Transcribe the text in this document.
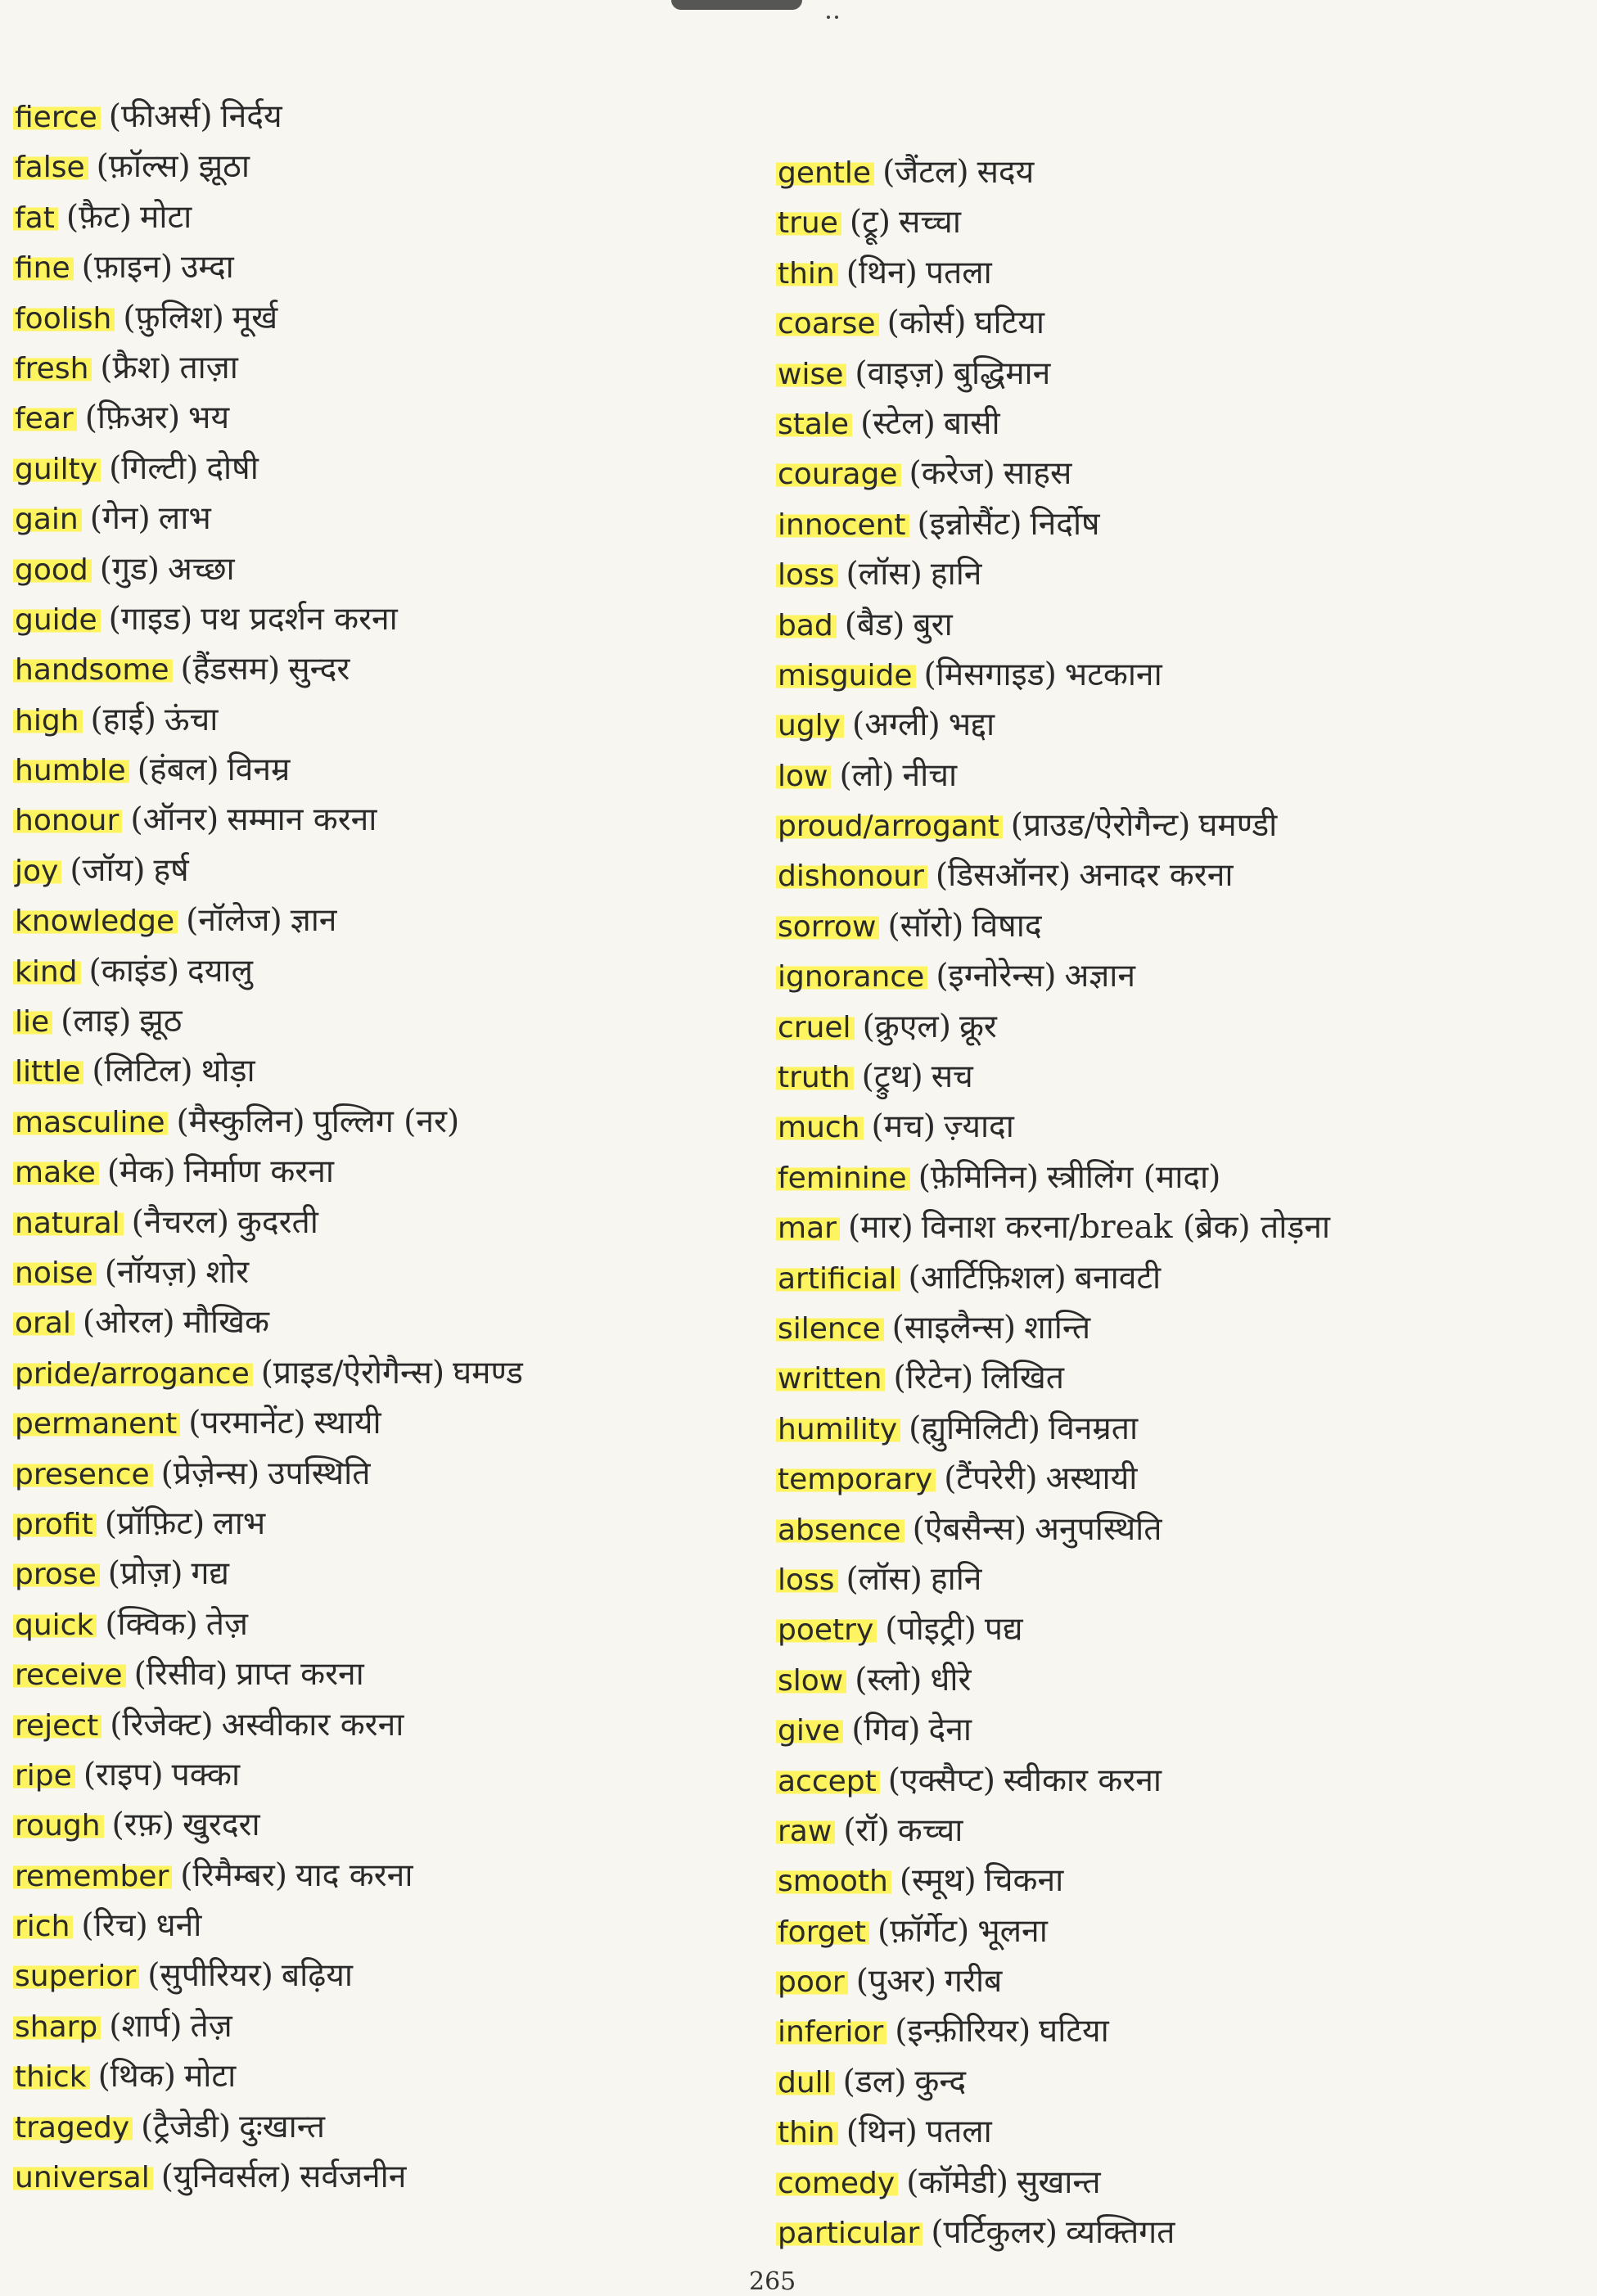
fierce (फीअर्स) निर्दय
false (फ़ॉल्स) झूठा
fat (फ़ैट) मोटा
fine (फ़ाइन) उम्दा
foolish (फ़ुलिश) मूर्ख
fresh (फ्रैश) ताज़ा
fear (फ़िअर) भय
guilty (गिल्टी) दोषी
gain (गेन) लाभ
good (गुड) अच्छा
guide (गाइड) पथ प्रदर्शन करना
handsome (हैंडसम) सुन्दर
high (हाई) ऊंचा
humble (हंबल) विनम्र
honour (ऑनर) सम्मान करना
joy (जॉय) हर्ष
knowledge (नॉलेज) ज्ञान
kind (काइंड) दयालु
lie (लाइ) झूठ
little (लिटिल) थोड़ा
masculine (मैस्कुलिन) पुल्लिग (नर)
make (मेक) निर्माण करना
natural (नैचरल) कुदरती
noise (नॉयज़) शोर
oral (ओरल) मौखिक
pride/arrogance (प्राइड/ऐरोगैन्स) घमण्ड
permanent (परमानेंट) स्थायी
presence (प्रेज़ेन्स) उपस्थिति
profit (प्रॉफ़िट) लाभ
prose (प्रोज़) गद्य
quick (क्विक) तेज़
receive (रिसीव) प्राप्त करना
reject (रिजेक्ट) अस्वीकार करना
ripe (राइप) पक्का
rough (रफ़) खुरदरा
remember (रिमैम्बर) याद करना
rich (रिच) धनी
superior (सुपीरियर) बढ़िया
sharp (शार्प) तेज़
thick (थिक) मोटा
tragedy (ट्रैजेडी) दुःखान्त
universal (युनिवर्सल) सर्वजनीन
gentle (जैंटल) सदय
true (ट्रू) सच्चा
thin (थिन) पतला
coarse (कोर्स) घटिया
wise (वाइज़) बुद्धिमान
stale (स्टेल) बासी
courage (करेज) साहस
innocent (इन्नोसैंट) निर्दोष
loss (लॉस) हानि
bad (बैड) बुरा
misguide (मिसगाइड) भटकाना
ugly (अग्ली) भद्दा
low (लो) नीचा
proud/arrogant (प्राउड/ऐरोगैन्ट) घमण्डी
dishonour (डिसऑनर) अनादर करना
sorrow (सॉरो) विषाद
ignorance (इग्नोरेन्स) अज्ञान
cruel (क्रुएल) क्रूर
truth (ट्रुथ) सच
much (मच) ज़्यादा
feminine (फ़ेमिनिन) स्त्रीलिंग (मादा)
mar (मार) विनाश करना/break (ब्रेक) तोड़ना
artificial (आर्टिफ़िशल) बनावटी
silence (साइलैन्स) शान्ति
written (रिटेन) लिखित
humility (ह्युमिलिटी) विनम्रता
temporary (टैंपरेरी) अस्थायी
absence (ऐबसैन्स) अनुपस्थिति
loss (लॉस) हानि
poetry (पोइट्री) पद्य
slow (स्लो) धीरे
give (गिव) देना
accept (एक्सैप्ट) स्वीकार करना
raw (रॉ) कच्चा
smooth (स्मूथ) चिकना
forget (फ़ॉर्गेट) भूलना
poor (पुअर) गरीब
inferior (इन्फ़ीरियर) घटिया
dull (डल) कुन्द
thin (थिन) पतला
comedy (कॉमेडी) सुखान्त
particular (पर्टिकुलर) व्यक्तिगत
265
